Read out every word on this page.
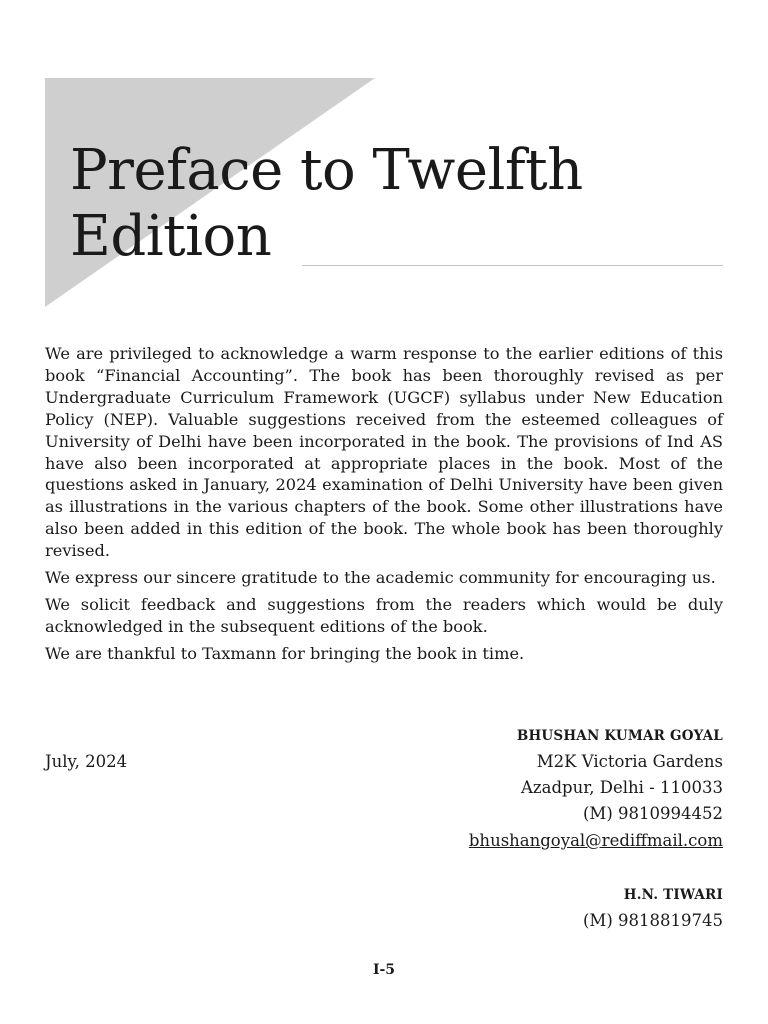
Preface to Twelfth
Edition

We are privileged to acknowledge a warm response to the earlier editions of this book “Financial Accounting”. The book has been thoroughly revised as per Undergraduate Curriculum Framework (UGCF) syllabus under New Education Policy (NEP). Valuable suggestions received from the esteemed colleagues of University of Delhi have been incorporated in the book. The provisions of Ind AS have also been incorporated at appropriate places in the book. Most of the questions asked in January, 2024 examination of Delhi University have been given as illustrations in the various chapters of the book. Some other illustrations have also been added in this edition of the book. The whole book has been thoroughly revised.

We express our sincere gratitude to the academic community for encouraging us.

We solicit feedback and suggestions from the readers which would be duly acknowledged in the subsequent editions of the book.

We are thankful to Taxmann for bringing the book in time.

BHUSHAN KUMAR GOYAL

July, 2024	M2K Victoria Gardens

Azadpur, Delhi - 110033

(M) 9810994452

bhushangoyal@rediffmail.com

H.N. TIWARI

(M) 9818819745

I-5
